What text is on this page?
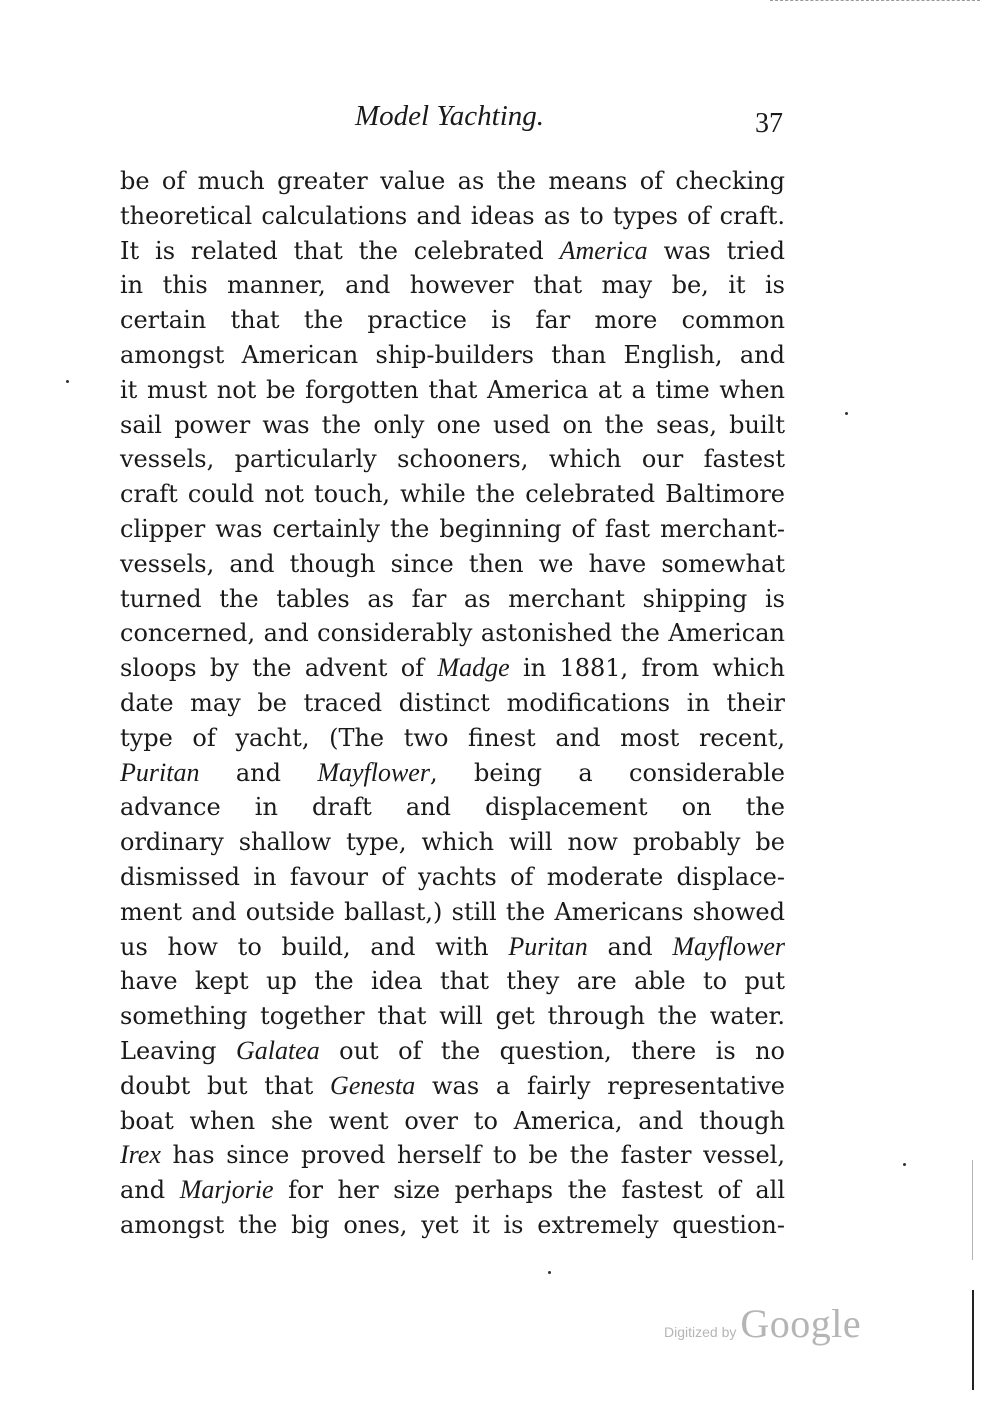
Model Yachting.	37
be of much greater value as the means of checking
theoretical calculations and ideas as to types of craft.
It is related that the celebrated America was tried
in this manner, and however that may be, it is
certain that the practice is far more common
amongst American ship-builders than English, and
it must not be forgotten that America at a time when
sail power was the only one used on the seas, built
vessels, particularly schooners, which our fastest
craft could not touch, while the celebrated Baltimore
clipper was certainly the beginning of fast merchant-
vessels, and though since then we have somewhat
turned the tables as far as merchant shipping is
concerned, and considerably astonished the American
sloops by the advent of Madge in 1881, from which
date may be traced distinct modifications in their
type of yacht, (The two finest and most recent,
Puritan and Mayflower, being a considerable
advance in draft and displacement on the
ordinary shallow type, which will now probably be
dismissed in favour of yachts of moderate displace-
ment and outside ballast,) still the Americans showed
us how to build, and with Puritan and Mayflower
have kept up the idea that they are able to put
something together that will get through the water.
Leaving Galatea out of the question, there is no
doubt but that Genesta was a fairly representative
boat when she went over to America, and though
Irex has since proved herself to be the faster vessel,
and Marjorie for her size perhaps the fastest of all
amongst the big ones, yet it is extremely question-
Digitized by Google
